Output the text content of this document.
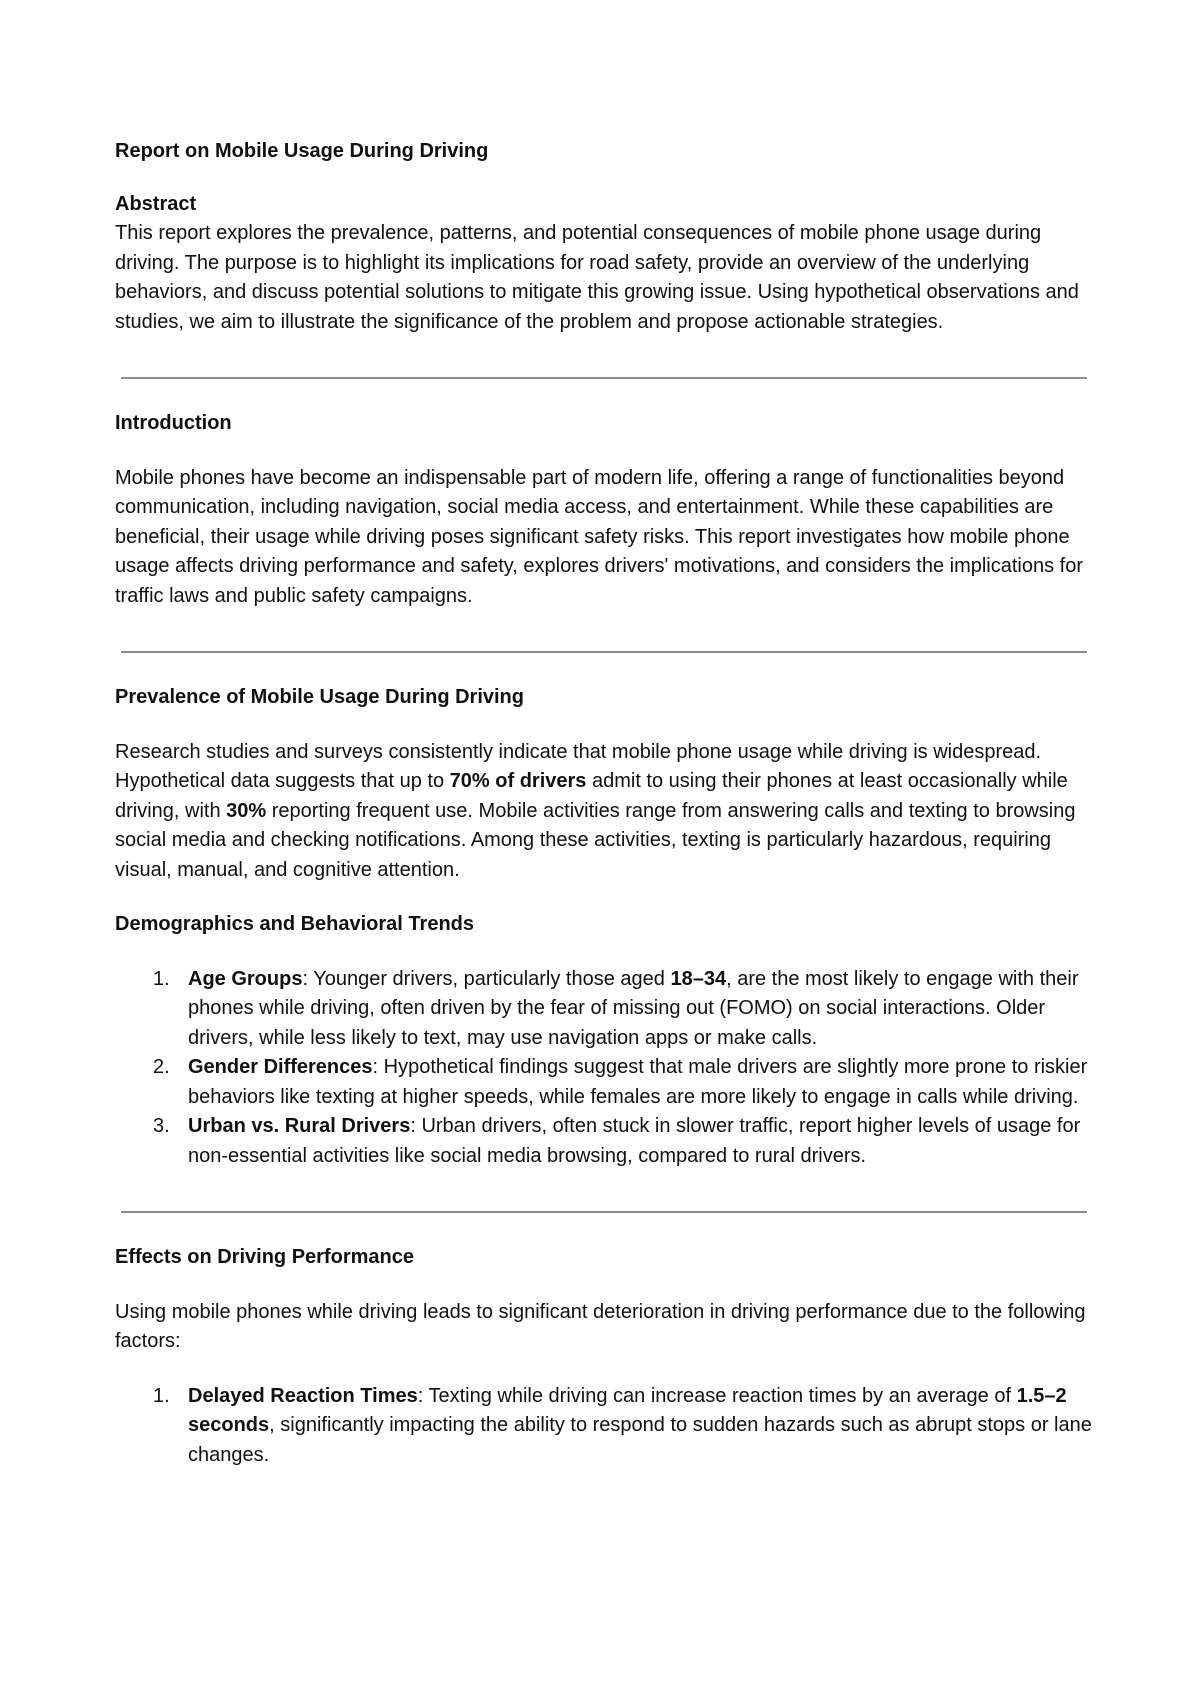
Report on Mobile Usage During Driving

Abstract

This report explores the prevalence, patterns, and potential consequences of mobile phone usage during driving. The purpose is to highlight its implications for road safety, provide an overview of the underlying behaviors, and discuss potential solutions to mitigate this growing issue. Using hypothetical observations and studies, we aim to illustrate the significance of the problem and propose actionable strategies.

Introduction

Mobile phones have become an indispensable part of modern life, offering a range of functionalities beyond communication, including navigation, social media access, and entertainment. While these capabilities are beneficial, their usage while driving poses significant safety risks. This report investigates how mobile phone usage affects driving performance and safety, explores drivers' motivations, and considers the implications for traffic laws and public safety campaigns.

Prevalence of Mobile Usage During Driving

Research studies and surveys consistently indicate that mobile phone usage while driving is widespread. Hypothetical data suggests that up to 70% of drivers admit to using their phones at least occasionally while driving, with 30% reporting frequent use. Mobile activities range from answering calls and texting to browsing social media and checking notifications. Among these activities, texting is particularly hazardous, requiring visual, manual, and cognitive attention.

Demographics and Behavioral Trends

1. Age Groups: Younger drivers, particularly those aged 18–34, are the most likely to engage with their phones while driving, often driven by the fear of missing out (FOMO) on social interactions. Older drivers, while less likely to text, may use navigation apps or make calls.
2. Gender Differences: Hypothetical findings suggest that male drivers are slightly more prone to riskier behaviors like texting at higher speeds, while females are more likely to engage in calls while driving.
3. Urban vs. Rural Drivers: Urban drivers, often stuck in slower traffic, report higher levels of usage for non-essential activities like social media browsing, compared to rural drivers.

Effects on Driving Performance

Using mobile phones while driving leads to significant deterioration in driving performance due to the following factors:

1. Delayed Reaction Times: Texting while driving can increase reaction times by an average of 1.5–2 seconds, significantly impacting the ability to respond to sudden hazards such as abrupt stops or lane changes.
